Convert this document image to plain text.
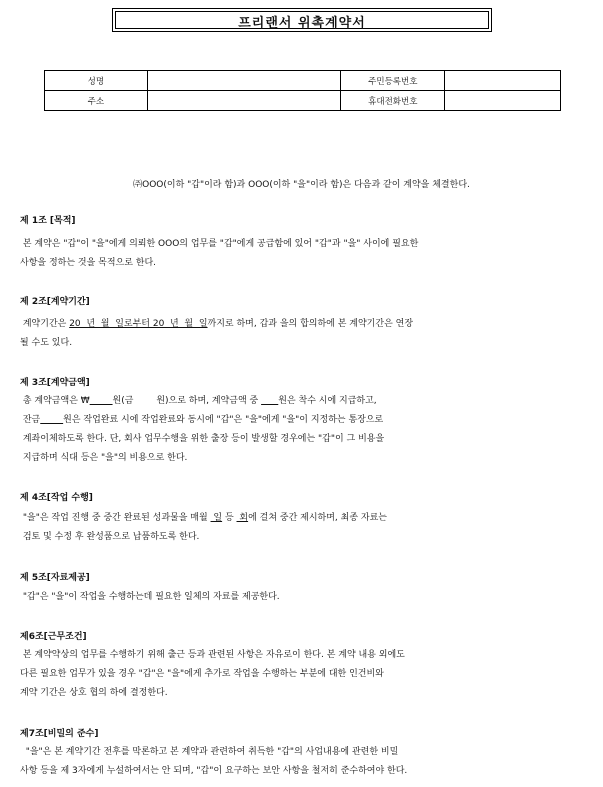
프리랜서 위촉계약서
성명		주민등록번호	
주소		휴대전화번호	
㈜ΟΟΟ(이하 "갑"이라 함)과 ΟΟΟ(이하 "을"이라 함)은 다음과 같이 계약을 체결한다.
제 1조 [목적]
본 계약은 "갑"이 "을"에게 의뢰한 ΟΟΟ의 업무를 "갑"에게 공급함에 있어 "갑"과 "을" 사이에 필요한
사항을 정하는 것을 목적으로 한다.
제 2조[계약기간]
계약기간은 20  년  월  일로부터 20  년  월  일까지로 하며, 갑과 을의 합의하에 본 계약기간은 연장
될 수도 있다.
제 3조[계약금액]
총 계약금액은 ₩	원(금        원)으로 하며, 계약금액 중       원은 착수 시에 지급하고,
잔금	원은 작업완료 시에 작업완료와 동시에 "갑"은 "을"에게 "을"이 지정하는 통장으로
계좌이체하도록 한다. 단, 회사 업무수행을 위한 출장 등이 발생할 경우에는 "갑"이 그 비용을
지급하며 식대 등은 "을"의 비용으로 한다.
제 4조[작업 수행]
"을"은 작업 진행 중 중간 완료된 성과물을 매월  일 등  회에 걸쳐 중간 제시하며, 최종 자료는
검토 및 수정 후 완성품으로 납품하도록 한다.
제 5조[자료제공]
"갑"은 "을"이 작업을 수행하는데 필요한 일체의 자료를 제공한다.
제6조[근무조건]
본 계약약상의 업무를 수행하기 위해 출근 등과 관련된 사항은 자유로이 한다. 본 계약 내용 외에도
다른 필요한 업무가 있을 경우 "갑"은 "을"에게 추가로 작업을 수행하는 부분에 대한 인건비와
계약 기간은 상호 협의 하에 결정한다.
제7조[비밀의 준수]
"을"은 본 계약기간 전후를 막론하고 본 계약과 관련하여 취득한 "갑"의 사업내용에 관련한 비밀
사항 등을 제 3자에게 누설하여서는 안 되며, "갑"이 요구하는 보안 사항을 철저히 준수하여야 한다.
